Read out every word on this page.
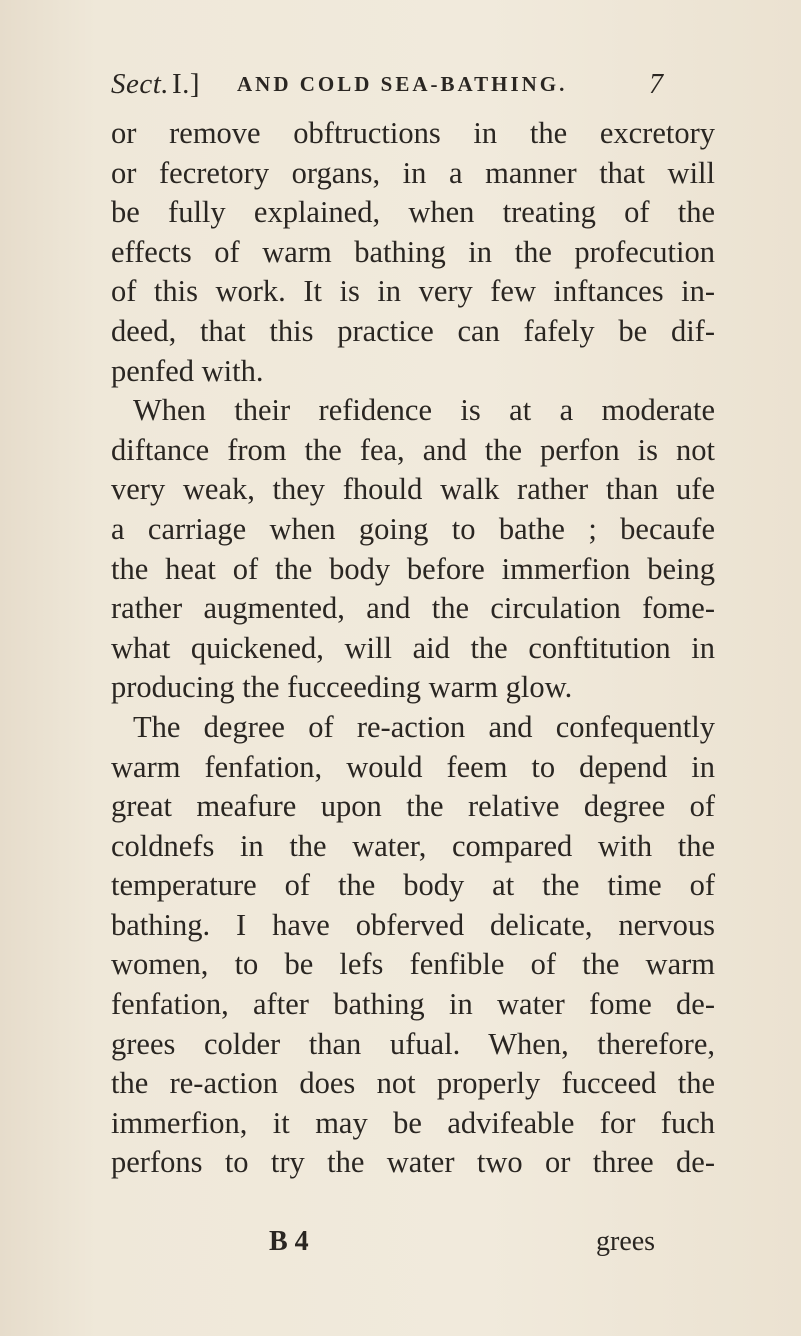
Sect.  I.] AND COLD SEA-BATHING.	7
or remove obftructions in the excretory
or fecretory organs, in a manner that will
be fully explained, when treating of the
effects of warm bathing in the profecution
of this work. It is in very few inftances in-
deed, that this practice can fafely be dif-
penfed with.
When their refidence is at a moderate
diftance from the fea, and the perfon is not
very weak, they fhould walk rather than ufe
a carriage when going to bathe ; becaufe
the heat of the body before immerfion being
rather augmented, and the circulation fome-
what quickened, will aid the conftitution in
producing the fucceeding warm glow.
The degree of re-action and confequently
warm fenfation, would feem to depend in
great meafure upon the relative degree of
coldnefs in the water, compared with the
temperature of the body at the time of
bathing. I have obferved delicate, nervous
women, to be lefs fenfible of the warm
fenfation, after bathing in water fome de-
grees colder than ufual. When, therefore,
the re-action does not properly fucceed the
immerfion, it may be advifeable for fuch
perfons to try the water two or three de-
B 4	grees
